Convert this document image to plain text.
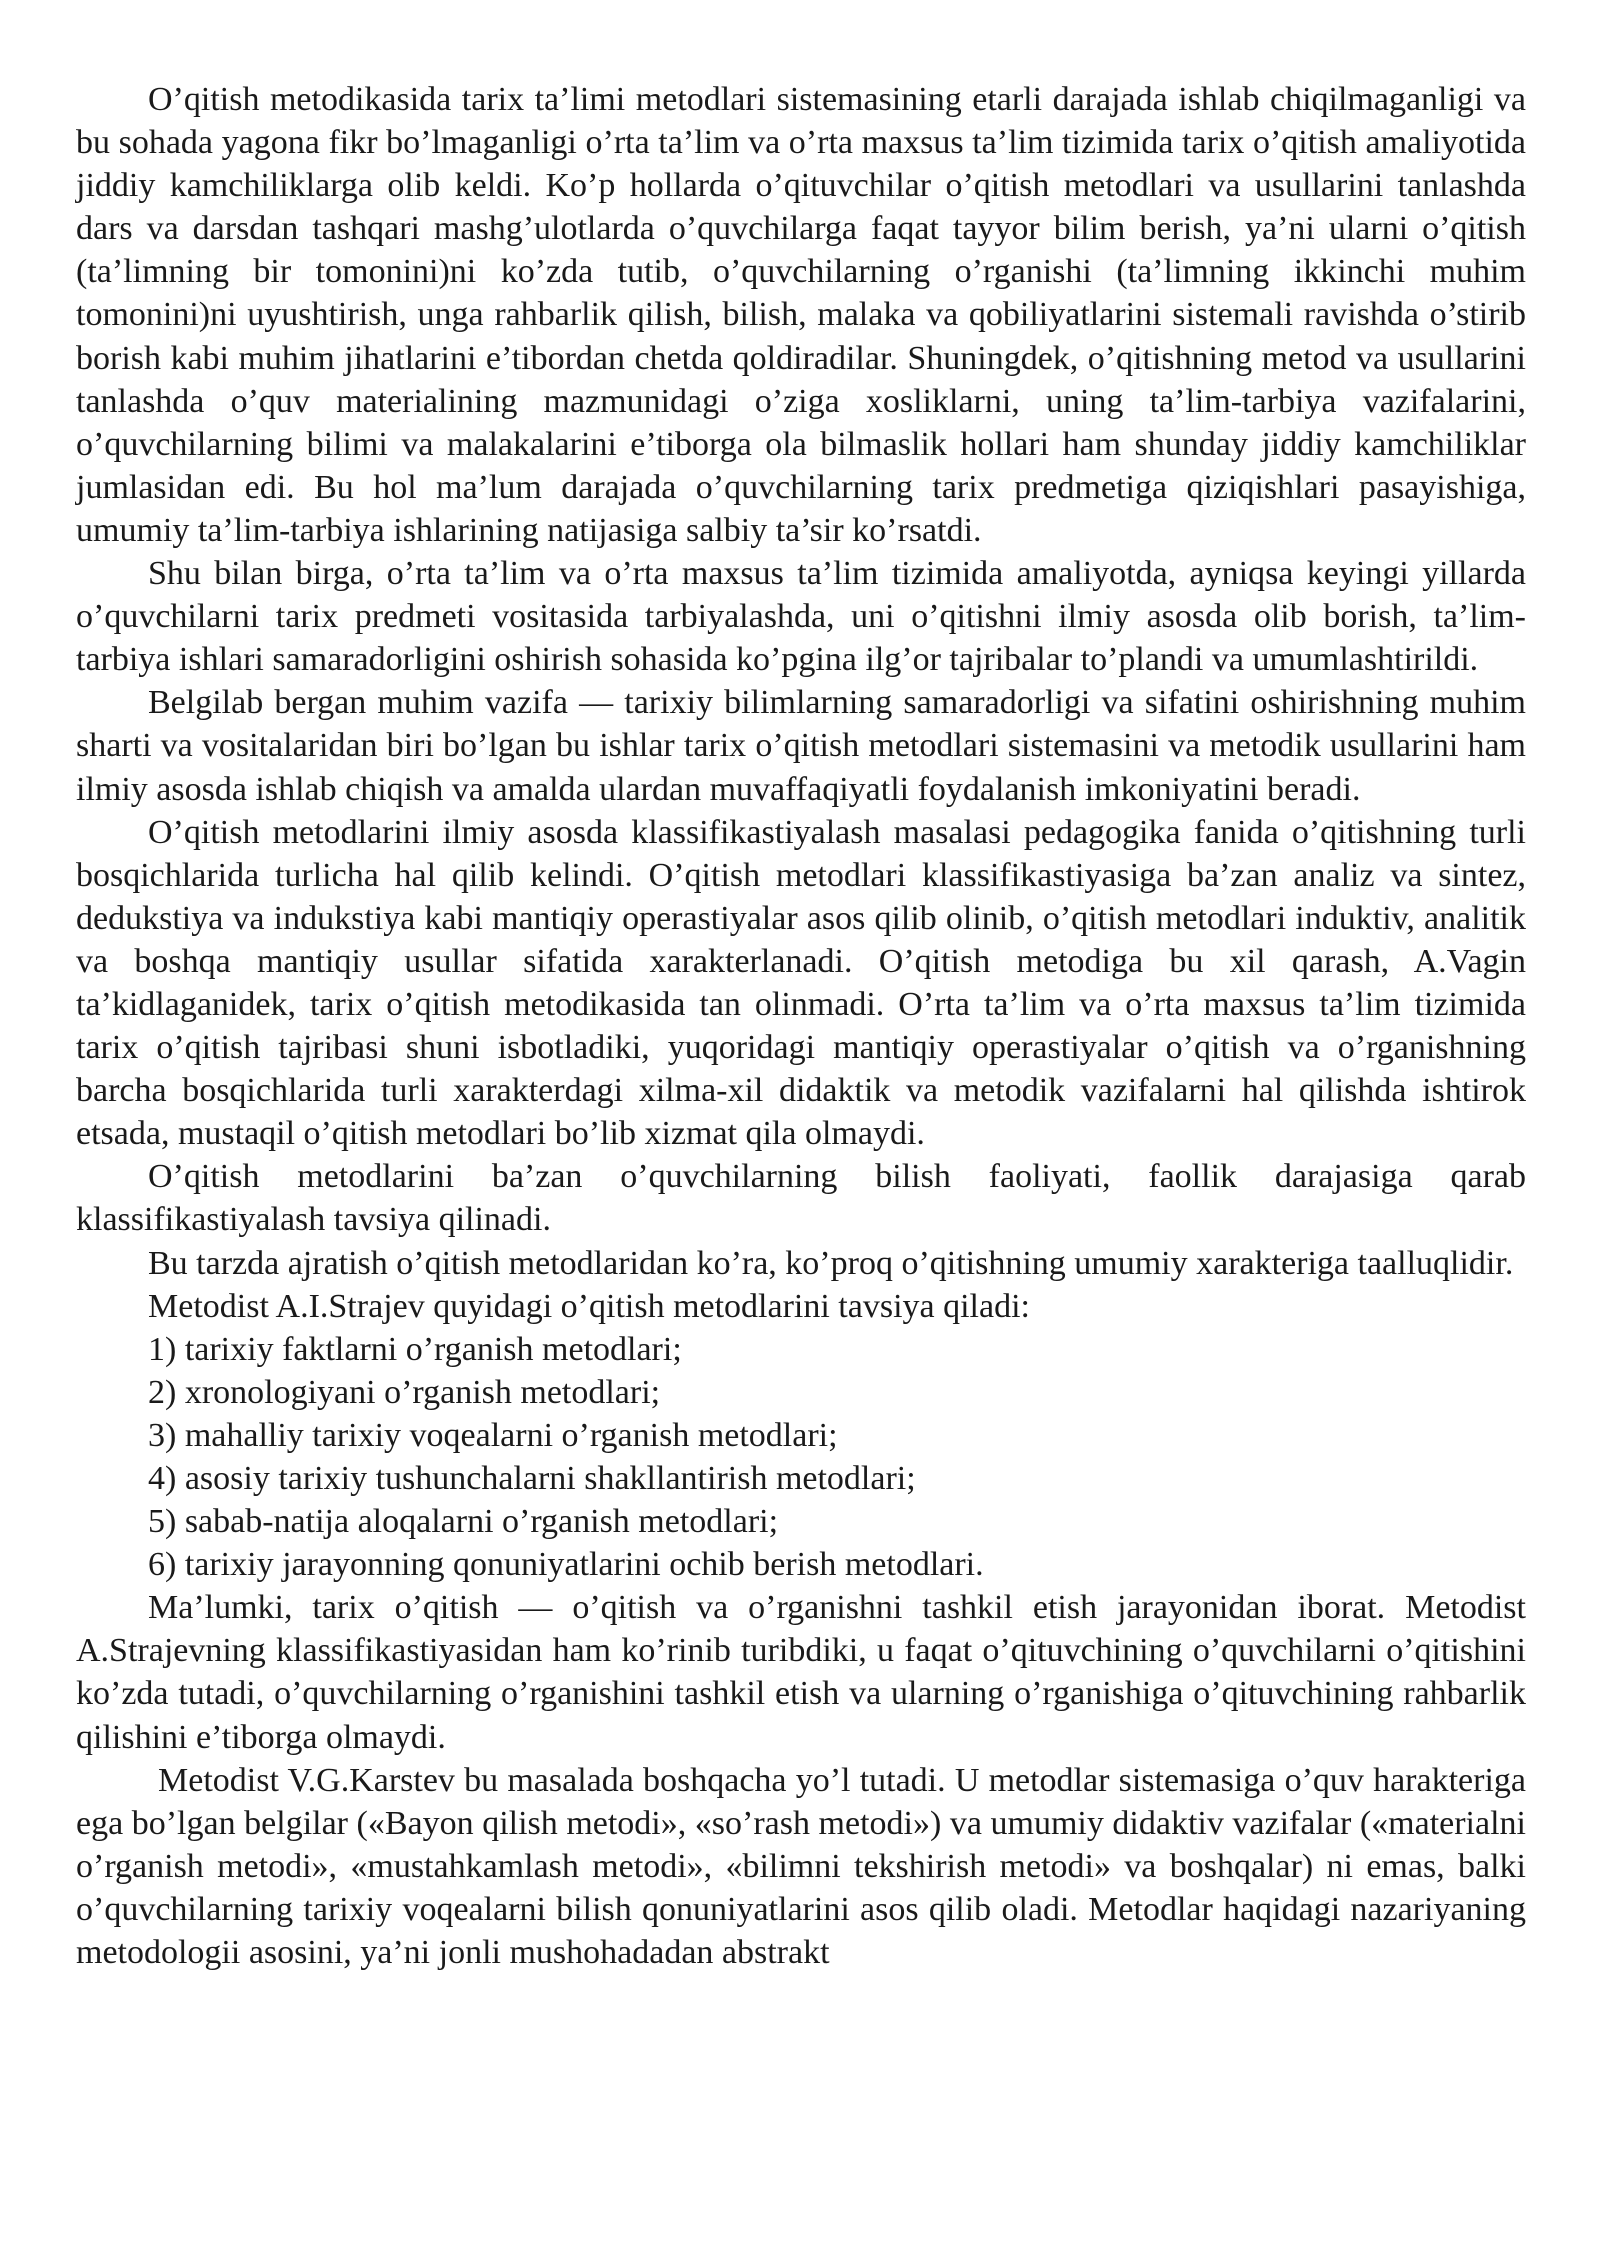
O’qitish metodikasida tarix ta’limi metodlari sistemasining etarli darajada ishlab chiqilmaganligi va bu sohada yagona fikr bo’lmaganligi o’rta ta’lim va o’rta maxsus ta’lim tizimida tarix o’qitish amaliyotida jiddiy kamchiliklarga olib keldi. Ko’p hollarda o’qituvchilar o’qitish metodlari va usullarini tanlashda dars va darsdan tashqari mashg’ulotlarda o’quvchilarga faqat tayyor bilim berish, ya’ni ularni o’qitish (ta’limning bir tomonini)ni ko’zda tutib, o’quvchilarning o’rganishi (ta’limning ikkinchi muhim tomonini)ni uyushtirish, unga rahbarlik qilish, bilish, malaka va qobiliyatlarini sistemali ravishda o’stirib borish kabi muhim jihatlarini e’tibordan chetda qoldiradilar. Shuningdek, o’qitishning metod va usullarini tanlashda o’quv materialining mazmunidagi o’ziga xosliklarni, uning ta’lim-tarbiya vazifalarini, o’quvchilarning bilimi va malakalarini e’tiborga ola bilmaslik hollari ham shunday jiddiy kamchiliklar jumlasidan edi. Bu hol ma’lum darajada o’quvchilarning tarix predmetiga qiziqishlari pasayishiga, umumiy ta’lim-tarbiya ishlarining natijasiga salbiy ta’sir ko’rsatdi.

Shu bilan birga, o’rta ta’lim va o’rta maxsus ta’lim tizimida amaliyotda, ayniqsa keyingi yillarda o’quvchilarni tarix predmeti vositasida tarbiyalashda, uni o’qitishni ilmiy asosda olib borish, ta’lim-tarbiya ishlari samaradorligini oshirish sohasida ko’pgina ilg’or tajribalar to’plandi va umumlashtirildi.

Belgilab bergan muhim vazifa — tarixiy bilimlarning samaradorligi va sifatini oshirishning muhim sharti va vositalaridan biri bo’lgan bu ishlar tarix o’qitish metodlari sistemasini va metodik usullarini ham ilmiy asosda ishlab chiqish va amalda ulardan muvaffaqiyatli foydalanish imkoniyatini beradi.

O’qitish metodlarini ilmiy asosda klassifikastiyalash masalasi pedagogika fanida o’qitishning turli bosqichlarida turlicha hal qilib kelindi. O’qitish metodlari klassifikastiyasiga ba’zan analiz va sintez, dedukstiya va indukstiya kabi mantiqiy operastiyalar asos qilib olinib, o’qitish metodlari induktiv, analitik va boshqa mantiqiy usullar sifatida xarakterlanadi. O’qitish metodiga bu xil qarash, A.Vagin ta’kidlaganidek, tarix o’qitish metodikasida tan olinmadi. O’rta ta’lim va o’rta maxsus ta’lim tizimida tarix o’qitish tajribasi shuni isbotladiki, yuqoridagi mantiqiy operastiyalar o’qitish va o’rganishning barcha bosqichlarida turli xarakterdagi xilma-xil didaktik va metodik vazifalarni hal qilishda ishtirok etsada, mustaqil o’qitish metodlari bo’lib xizmat qila olmaydi.

O’qitish metodlarini ba’zan o’quvchilarning bilish faoliyati, faollik darajasiga qarab klassifikastiyalash tavsiya qilinadi.

Bu tarzda ajratish o’qitish metodlaridan ko’ra, ko’proq o’qitishning umumiy xarakteriga taalluqlidir.

Metodist A.I.Strajev quyidagi o’qitish metodlarini tavsiya qiladi:

1) tarixiy faktlarni o’rganish metodlari;

2) xronologiyani o’rganish metodlari;

3) mahalliy tarixiy voqealarni o’rganish metodlari;

4) asosiy tarixiy tushunchalarni shakllantirish metodlari;

5) sabab-natija aloqalarni o’rganish metodlari;

6) tarixiy jarayonning qonuniyatlarini ochib berish metodlari.

Ma’lumki, tarix o’qitish — o’qitish va o’rganishni tashkil etish jarayonidan iborat. Metodist A.Strajevning klassifikastiyasidan ham ko’rinib turibdiki, u faqat o’qituvchining o’quvchilarni o’qitishini ko’zda tutadi, o’quvchilarning o’rganishini tashkil etish va ularning o’rganishiga o’qituvchining rahbarlik qilishini e’tiborga olmaydi.

Metodist V.G.Karstev bu masalada boshqacha yo’l tutadi. U metodlar sistemasiga o’quv harakteriga ega bo’lgan belgilar («Bayon qilish metodi», «so’rash metodi») va umumiy didaktiv vazifalar («materialni o’rganish metodi», «mustahkamlash metodi», «bilimni tekshirish metodi» va boshqalar) ni emas, balki o’quvchilarning tarixiy voqealarni bilish qonuniyatlarini asos qilib oladi. Metodlar haqidagi nazariyaning metodologii asosini, ya’ni jonli mushohadadan abstrakt
